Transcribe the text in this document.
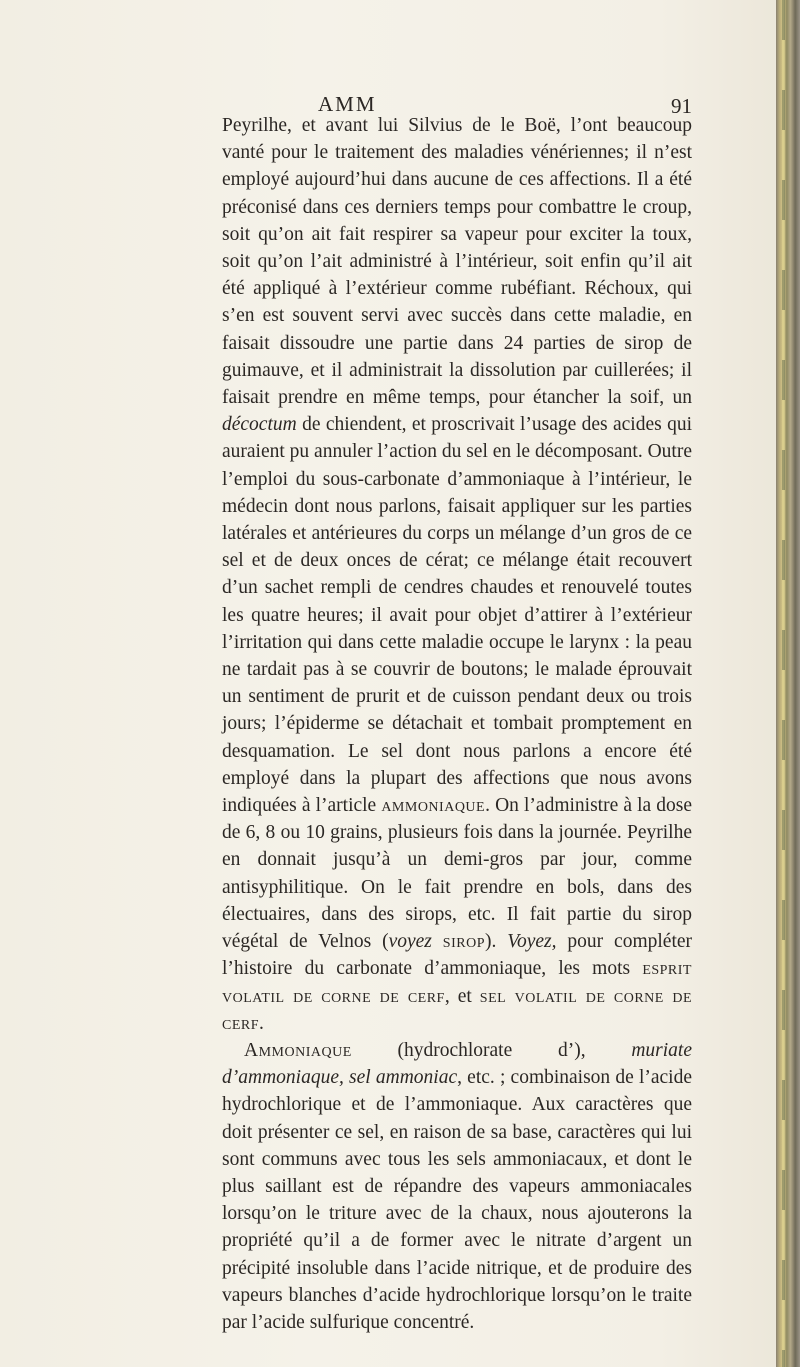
AMM	91

Peyrilhe, et avant lui Silvius de le Boë, l’ont beaucoup vanté pour le traitement des maladies vénériennes; il n’est employé aujourd’hui dans aucune de ces affections. Il a été préconisé dans ces derniers temps pour combattre le croup, soit qu’on ait fait respirer sa vapeur pour exciter la toux, soit qu’on l’ait administré à l’intérieur, soit enfin qu’il ait été appliqué à l’extérieur comme rubéfiant. Réchoux, qui s’en est souvent servi avec succès dans cette maladie, en faisait dissoudre une partie dans 24 parties de sirop de guimauve, et il administrait la dissolution par cuillerées; il faisait prendre en même temps, pour étancher la soif, un décoctum de chiendent, et proscrivait l’usage des acides qui auraient pu annuler l’action du sel en le décomposant. Outre l’emploi du sous-carbonate d’ammoniaque à l’intérieur, le médecin dont nous parlons, faisait appliquer sur les parties latérales et antérieures du corps un mélange d’un gros de ce sel et de deux onces de cérat; ce mélange était recouvert d’un sachet rempli de cendres chaudes et renouvelé toutes les quatre heures; il avait pour objet d’attirer à l’extérieur l’irritation qui dans cette maladie occupe le larynx : la peau ne tardait pas à se couvrir de boutons; le malade éprouvait un sentiment de prurit et de cuisson pendant deux ou trois jours; l’épiderme se détachait et tombait promptement en desquamation. Le sel dont nous parlons a encore été employé dans la plupart des affections que nous avons indiquées à l’article ammoniaque. On l’administre à la dose de 6, 8 ou 10 grains, plusieurs fois dans la journée. Peyrilhe en donnait jusqu’à un demi-gros par jour, comme antisyphilitique. On le fait prendre en bols, dans des électuaires, dans des sirops, etc. Il fait partie du sirop végétal de Velnos (voyez sirop). Voyez, pour compléter l’histoire du carbonate d’ammoniaque, les mots esprit volatil de corne de cerf, et sel volatil de corne de cerf.

Ammoniaque (hydrochlorate d’), muriate d’ammoniaque, sel ammoniac, etc. ; combinaison de l’acide hydrochlorique et de l’ammoniaque. Aux caractères que doit présenter ce sel, en raison de sa base, caractères qui lui sont communs avec tous les sels ammoniacaux, et dont le plus saillant est de répandre des vapeurs ammoniacales lorsqu’on le triture avec de la chaux, nous ajouterons la propriété qu’il a de former avec le nitrate d’argent un précipité insoluble dans l’acide nitrique, et de produire des vapeurs blanches d’acide hydrochlorique lorsqu’on le traite par l’acide sulfurique concentré.
